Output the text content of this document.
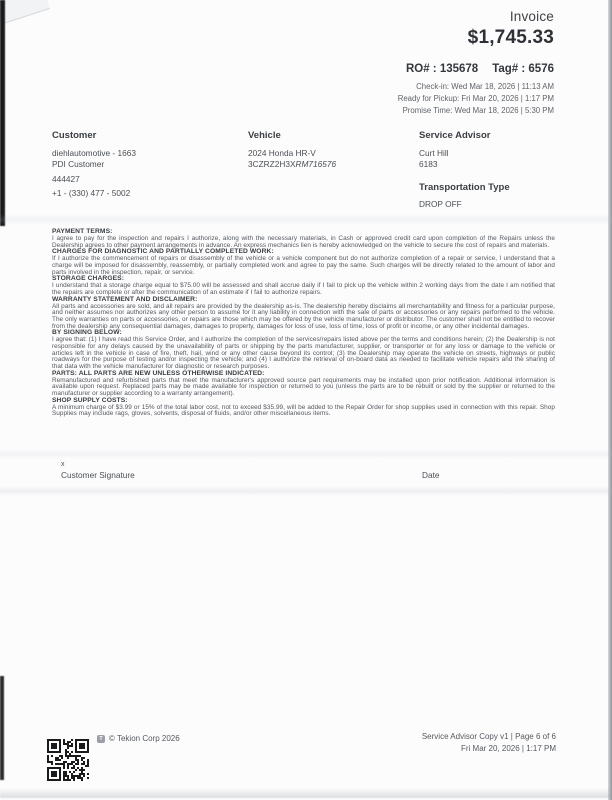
Invoice
$1,745.33
RO# : 135678 Tag# : 6576
Check-in: Wed Mar 18, 2026 | 11:13 AM
Ready for Pickup: Fri Mar 20, 2026 | 1:17 PM
Promise Time: Wed Mar 18, 2026 | 5:30 PM
Customer
diehlautomotive - 1663
PDI Customer
444427
+1 - (330) 477 - 5002
Vehicle
2024 Honda HR-V
3CZRZ2H3XRM716576
Service Advisor
Curt Hill
6183
Transportation Type
DROP OFF
PAYMENT TERMS:

I agree to pay for the inspection and repairs I authorize, along with the necessary materials, in Cash or approved credit card upon completion of the Repairs unless the Dealership agrees to other payment arrangements in advance. An express mechanics lien is hereby acknowledged on the vehicle to secure the cost of repairs and materials.

CHARGES FOR DIAGNOSTIC AND PARTIALLY COMPLETED WORK:

If I authorize the commencement of repairs or disassembly of the vehicle or a vehicle component but do not authorize completion of a repair or service, I understand that a charge will be imposed for disassembly, reassembly, or partially completed work and agree to pay the same. Such charges will be directly related to the amount of labor and parts involved in the inspection, repair, or service.

STORAGE CHARGES:

I understand that a storage charge equal to $75.00 will be assessed and shall accrue daily if I fail to pick up the vehicle within 2 working days from the date I am notified that the repairs are complete or after the communication of an estimate if I fail to authorize repairs.

WARRANTY STATEMENT AND DISCLAIMER:

All parts and accessories are sold, and all repairs are provided by the dealership as-is. The dealership hereby disclaims all merchantability and fitness for a particular purpose, and neither assumes nor authorizes any other person to assume for it any liability in connection with the sale of parts or accessories or any repairs performed to the vehicle. The only warranties on parts or accessories, or repairs are those which may be offered by the vehicle manufacturer or distributor. The customer shall not be entitled to recover from the dealership any consequential damages, damages to property, damages for loss of use, loss of time, loss of profit or income, or any other incidental damages.

BY SIGNING BELOW:

I agree that: (1) I have read this Service Order, and I authorize the completion of the services/repairs listed above per the terms and conditions herein; (2) the Dealership is not responsible for any delays caused by the unavailability of parts or shipping by the parts manufacturer, supplier, or transporter or for any loss or damage to the vehicle or articles left in the vehicle in case of fire, theft, hail, wind or any other cause beyond its control; (3) the Dealership may operate the vehicle on streets, highways or public roadways for the purpose of testing and/or inspecting the vehicle; and (4) I authorize the retrieval of on-board data as needed to facilitate vehicle repairs and the sharing of that data with the vehicle manufacturer for diagnostic or research purposes.

PARTS: ALL PARTS ARE NEW UNLESS OTHERWISE INDICATED:

Remanufactured and refurbished parts that meet the manufacturer's approved source part requirements may be installed upon prior notification. Additional information is available upon request. Replaced parts may be made available for inspection or returned to you (unless the parts are to be rebuilt or sold by the supplier or returned to the manufacturer or supplier according to a warranty arrangement).

SHOP SUPPLY COSTS:

A minimum charge of $3.99 or 15% of the total labor cost, not to exceed $35.99, will be added to the Repair Order for shop supplies used in connection with this repair. Shop Supplies may include rags, gloves, solvents, disposal of fluids, and/or other miscellaneous items.

x
Customer Signature	Date
T © Tekion Corp 2026	Service Advisor Copy v1 | Page 6 of 6
Fri Mar 20, 2026 | 1:17 PM
